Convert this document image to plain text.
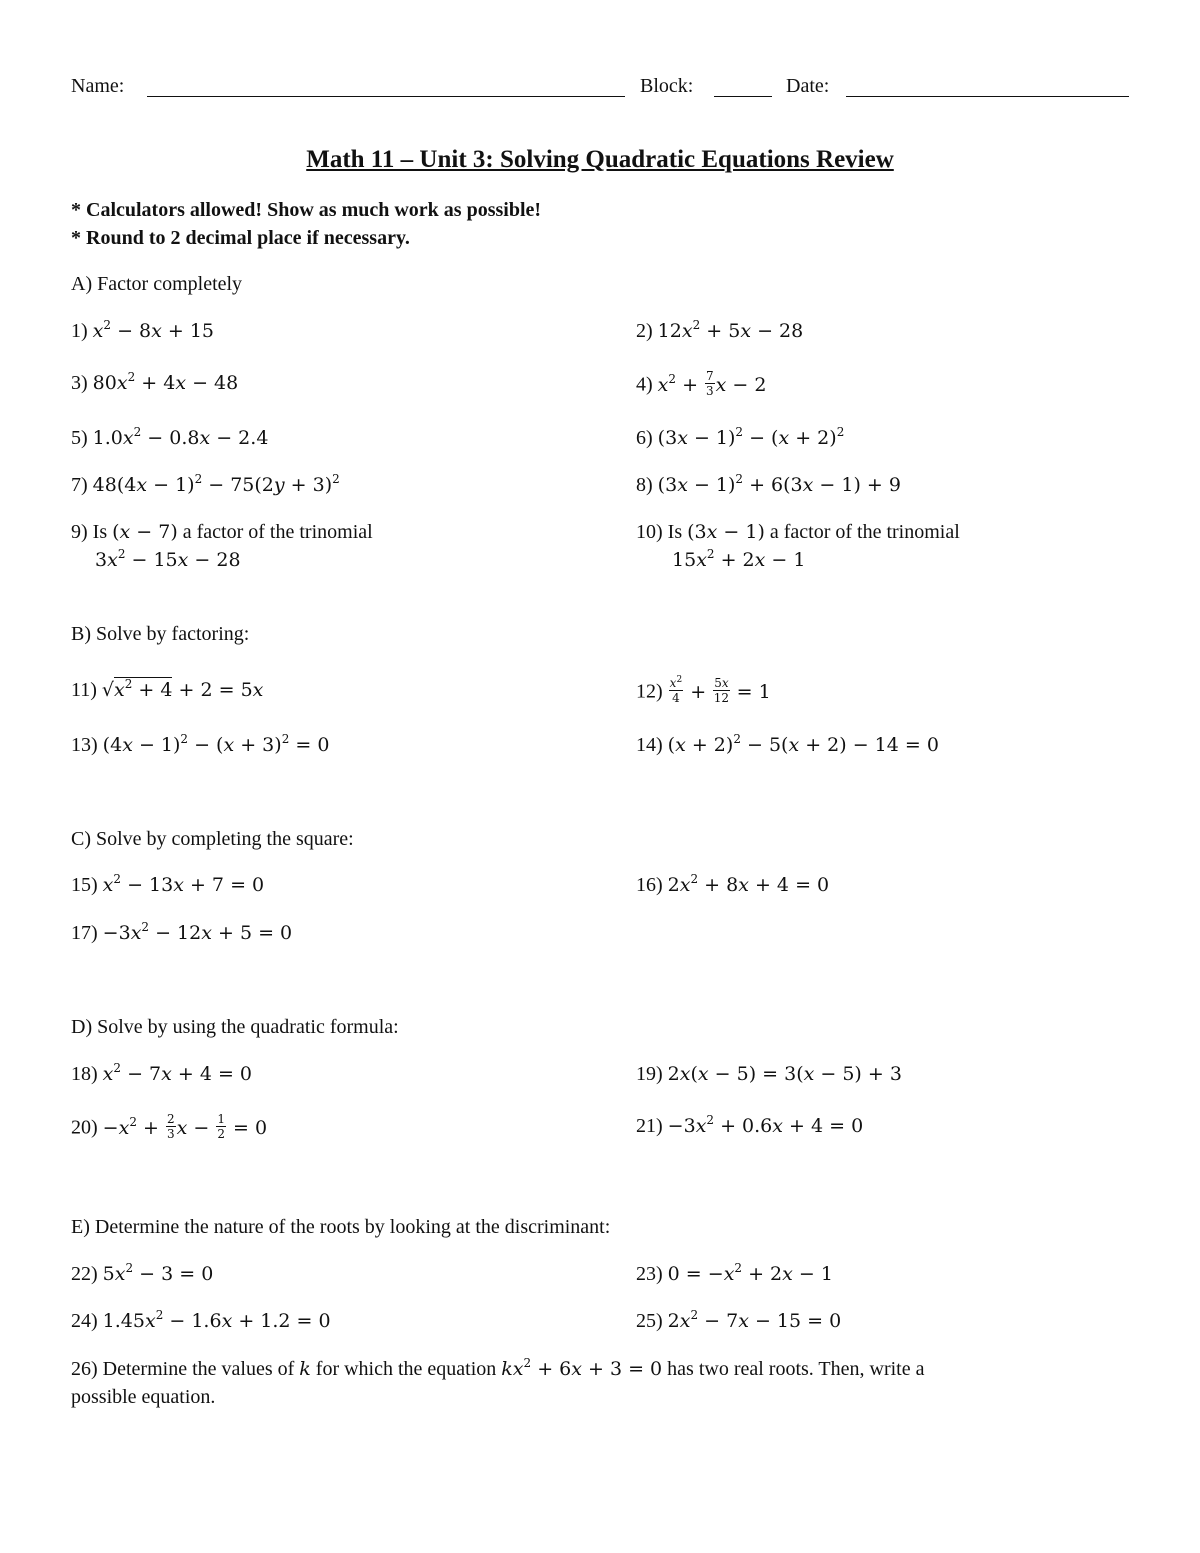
Name:	Block:	Date:
Math 11 – Unit 3: Solving Quadratic Equations Review
* Calculators allowed! Show as much work as possible!
* Round to 2 decimal place if necessary.
A) Factor completely
1) $x^2 - 8x + 15$	2) $12x^2 + 5x - 28$
3) $80x^2 + 4x - 48$	4) $x^2 + \frac{7}{3}$ x − 2
5) $1.0x^2 - 0.8x - 2.4$	6) $(3x - 1)^2 - (x + 2)^2$
7) $48(4x - 1)^2 - 75(2y + 3)^2$	8) $(3x - 1)^2 + 6(3x - 1) + 9$
9) Is (x − 7) a factor of the trinomial
$3x^2 - 15x - 28$
10) Is (3x − 1) a factor of the trinomial
$15x^2 + 2x - 1$
B) Solve by factoring:
11) $√x^2 + 4 + 2 = 5x$	$12) \frac{x^2}{4} + \frac{5x}{12} = 1$
13) $(4x - 1)^2 - (x + 3)^2 = 0$	14) $(x + 2)^2 - 5(x + 2) - 14 = 0$
C) Solve by completing the square:
15) $x^2 - 13x + 7 = 0$	16) $2x^2 + 8x + 4 = 0$
$17) -3x^2 - 12x + 5 = 0$
D) Solve by using the quadratic formula:
18) $x^2 - 7x + 4 = 0$	19) 2x(x − 5) = 3(x − 5) + 3
$20) -x^2 + \frac{2}{3}$ $x - \frac{1}{2} = 0$	$21) -3x^2 + 0.6x + 4 = 0$
E) Determine the nature of the roots by looking at the discriminant:
22) $5x^2 - 3 = 0$	23) $0 = -x^2 + 2x - 1$
24) $1.45x^2 - 1.6x + 1.2 = 0$	25) $2x^2 - 7x - 15 = 0$
26) Determine the values of k for which the equation $kx^2 + 6x + 3 = 0$ has two real roots. Then, write a
possible equation.
